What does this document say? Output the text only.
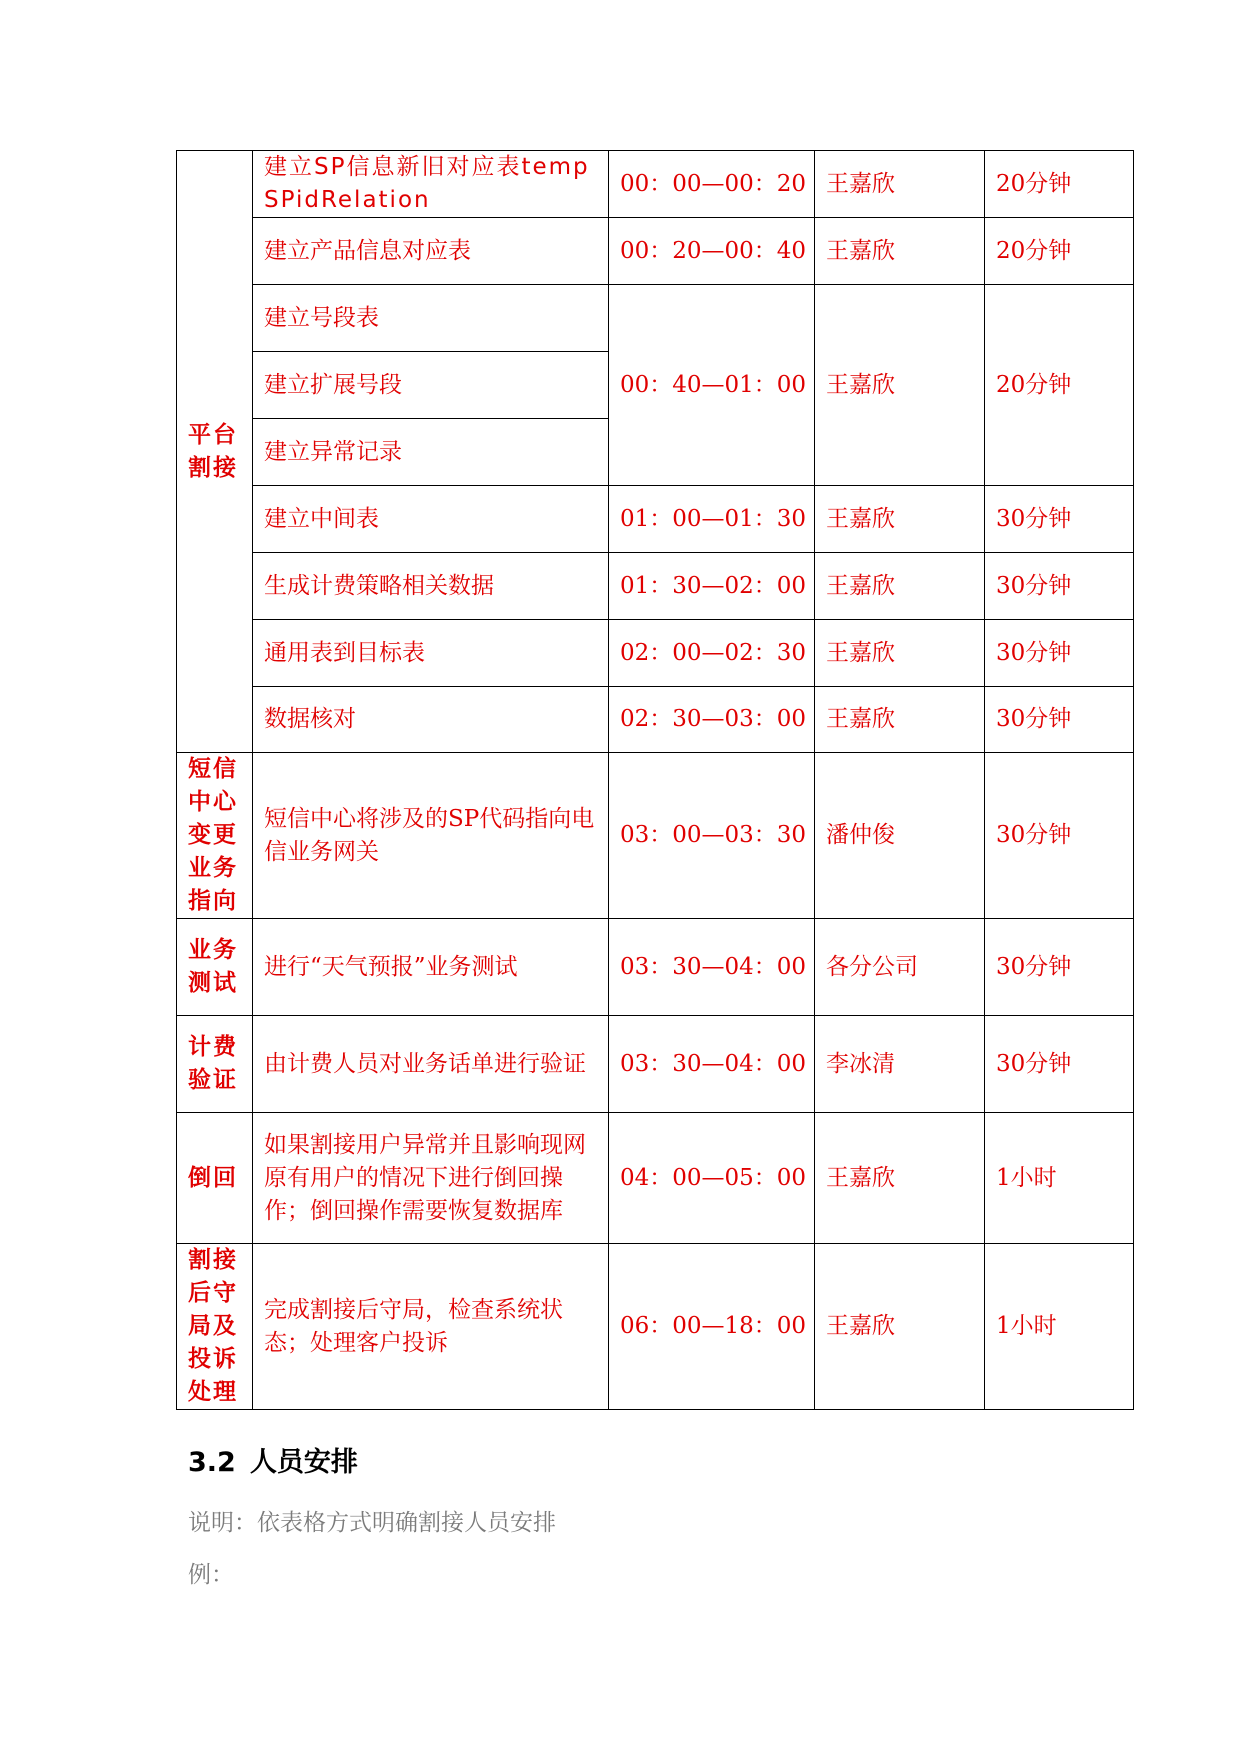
平台割接	建立SP信息新旧对应表tempSPidRelation	00：00—00：20	王嘉欣	20分钟
	建立产品信息对应表	00：20—00：40	王嘉欣	20分钟
	建立号段表	00：40—01：00	王嘉欣	20分钟
	建立扩展号段			
	建立异常记录			
	建立中间表	01：00—01：30	王嘉欣	30分钟
	生成计费策略相关数据	01：30—02：00	王嘉欣	30分钟
	通用表到目标表	02：00—02：30	王嘉欣	30分钟
	数据核对	02：30—03：00	王嘉欣	30分钟
短信中心变更业务指向	短信中心将涉及的SP代码指向电信业务网关	03：00—03：30	潘仲俊	30分钟
业务测试	进行“天气预报”业务测试	03：30—04：00	各分公司	30分钟
计费验证	由计费人员对业务话单进行验证	03：30—04：00	李冰清	30分钟
倒回	如果割接用户异常并且影响现网原有用户的情况下进行倒回操作；倒回操作需要恢复数据库	04：00—05：00	王嘉欣	1小时
割接后守局及投诉处理	完成割接后守局，检查系统状态；处理客户投诉	06：00—18：00	王嘉欣	1小时
3.2 人员安排

说明：依表格方式明确割接人员安排

例：
